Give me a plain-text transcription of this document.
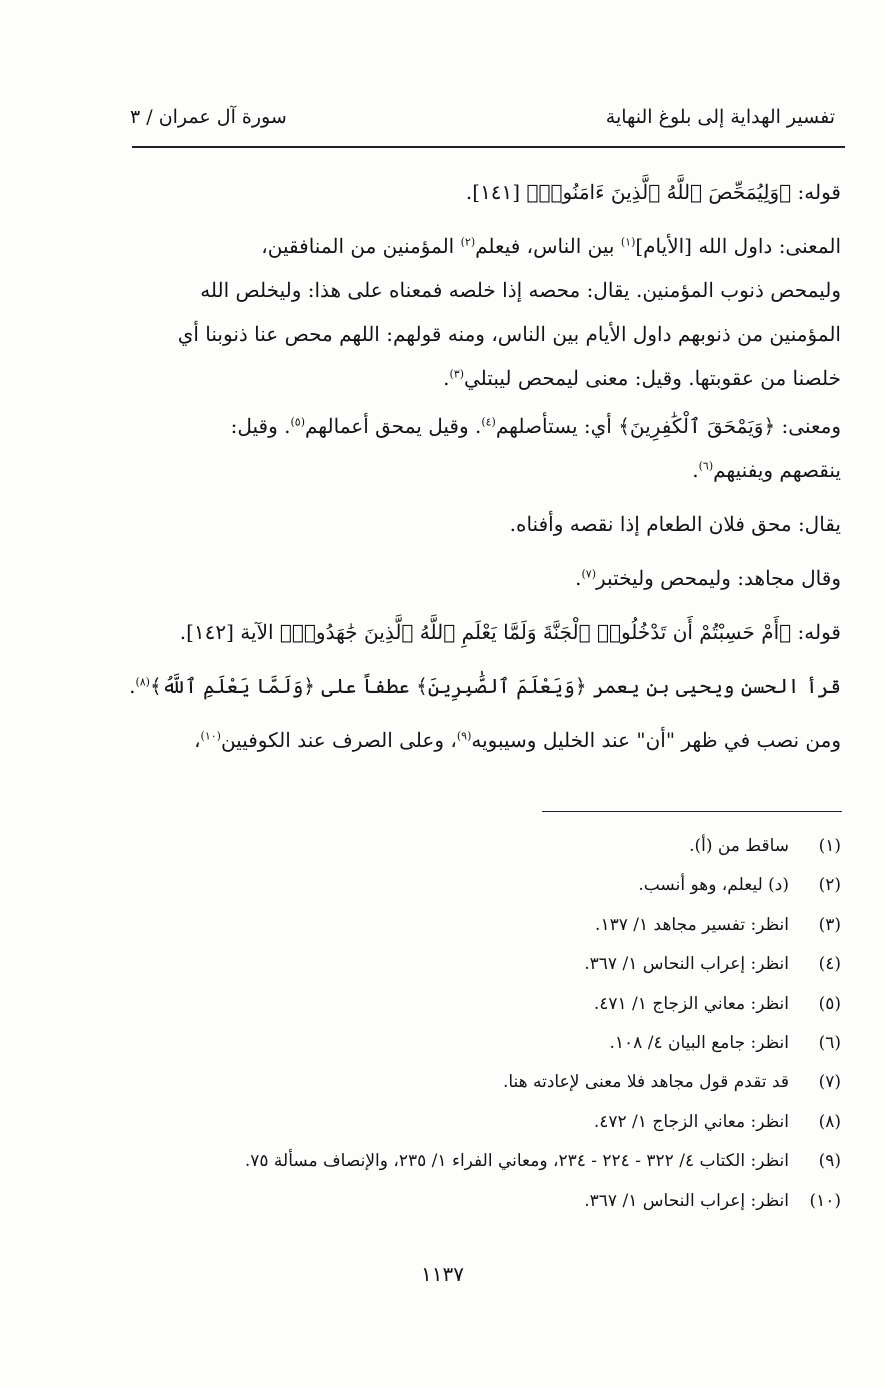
تفسير الهداية إلى بلوغ النهاية
سورة آل عمران / ٣

قوله: ﴿وَلِيُمَحِّصَ ٱللَّهُ ٱلَّذِينَ ءَامَنُوا۟﴾ [١٤١].

المعنى: داول الله [الأيام]$^{(١)}$ بين الناس، فيعلم$^{(٢)}$ المؤمنين من المنافقين،

وليمحص ذنوب المؤمنين. يقال: محصه إذا خلصه فمعناه على هذا: وليخلص الله

المؤمنين من ذنوبهم داول الأيام بين الناس، ومنه قولهم: اللهم محص عنا ذنوبنا أي

خلصنا من عقوبتها. وقيل: معنى ليمحص ليبتلي$^{(٣)}$.

ومعنى: ﴿وَيَمْحَقَ ٱلْكَٰفِرِينَ﴾ أي: يستأصلهم$^{(٤)}$. وقيل يمحق أعمالهم$^{(٥)}$. وقيل:

ينقصهم ويفنيهم$^{(٦)}$.

يقال: محق فلان الطعام إذا نقصه وأفناه.

وقال مجاهد: وليمحص وليختبر$^{(٧)}$.

قوله: ﴿أَمْ حَسِبْتُمْ أَن تَدْخُلُوا۟ ٱلْجَنَّةَ وَلَمَّا يَعْلَمِ ٱللَّهُ ٱلَّذِينَ جَٰهَدُوا۟﴾ الآية [١٤٢].

قرأ الحسن ويحيى بن يعمر ﴿وَيَعْلَمَ ٱلصَّٰبِرِينَ﴾ عطفاً على ﴿وَلَمَّا يَعْلَمِ ٱللَّهُ﴾$^{(٨)}$.

ومن نصب في ظهر "أن" عند الخليل وسيبويه$^{(٩)}$، وعلى الصرف عند الكوفيين$^{(١٠)}$،

(١)ساقط من (أ).
(٢)(د) ليعلم، وهو أنسب.
(٣)انظر: تفسير مجاهد ١/ ١٣٧.
(٤)انظر: إعراب النحاس ١/ ٣٦٧.
(٥)انظر: معاني الزجاج ١/ ٤٧١.
(٦)انظر: جامع البيان ٤/ ١٠٨.
(٧)قد تقدم قول مجاهد فلا معنى لإعادته هنا.
(٨)انظر: معاني الزجاج ١/ ٤٧٢.
(٩)انظر: الكتاب ٤/ ٣٢٢ - ٢٢٤ - ٢٣٤، ومعاني الفراء ١/ ٢٣٥، والإنصاف مسألة ٧٥.
(١٠)انظر: إعراب النحاس ١/ ٣٦٧.
١١٣٧
